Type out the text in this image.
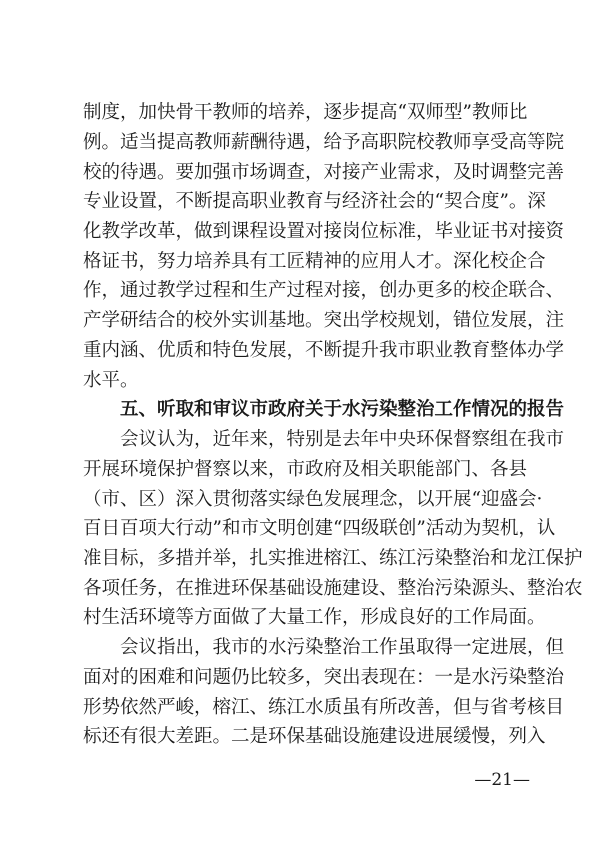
制度，加快骨干教师的培养，逐步提高“双师型”教师比
例。适当提高教师薪酬待遇，给予高职院校教师享受高等院
校的待遇。要加强市场调查，对接产业需求，及时调整完善
专业设置，不断提高职业教育与经济社会的“契合度”。深
化教学改革，做到课程设置对接岗位标准，毕业证书对接资
格证书，努力培养具有工匠精神的应用人才。深化校企合
作，通过教学过程和生产过程对接，创办更多的校企联合、
产学研结合的校外实训基地。突出学校规划，错位发展，注
重内涵、优质和特色发展，不断提升我市职业教育整体办学
水平。
五、听取和审议市政府关于水污染整治工作情况的报告
会议认为，近年来，特别是去年中央环保督察组在我市
开展环境保护督察以来，市政府及相关职能部门、各县
（市、区）深入贯彻落实绿色发展理念，以开展“迎盛会·
百日百项大行动”和市文明创建“四级联创”活动为契机，认
准目标，多措并举，扎实推进榕江、练江污染整治和龙江保护
各项任务，在推进环保基础设施建设、整治污染源头、整治农
村生活环境等方面做了大量工作，形成良好的工作局面。
会议指出，我市的水污染整治工作虽取得一定进展，但
面对的困难和问题仍比较多，突出表现在：一是水污染整治
形势依然严峻，榕江、练江水质虽有所改善，但与省考核目
标还有很大差距。二是环保基础设施建设进展缓慢，列入
—21—
